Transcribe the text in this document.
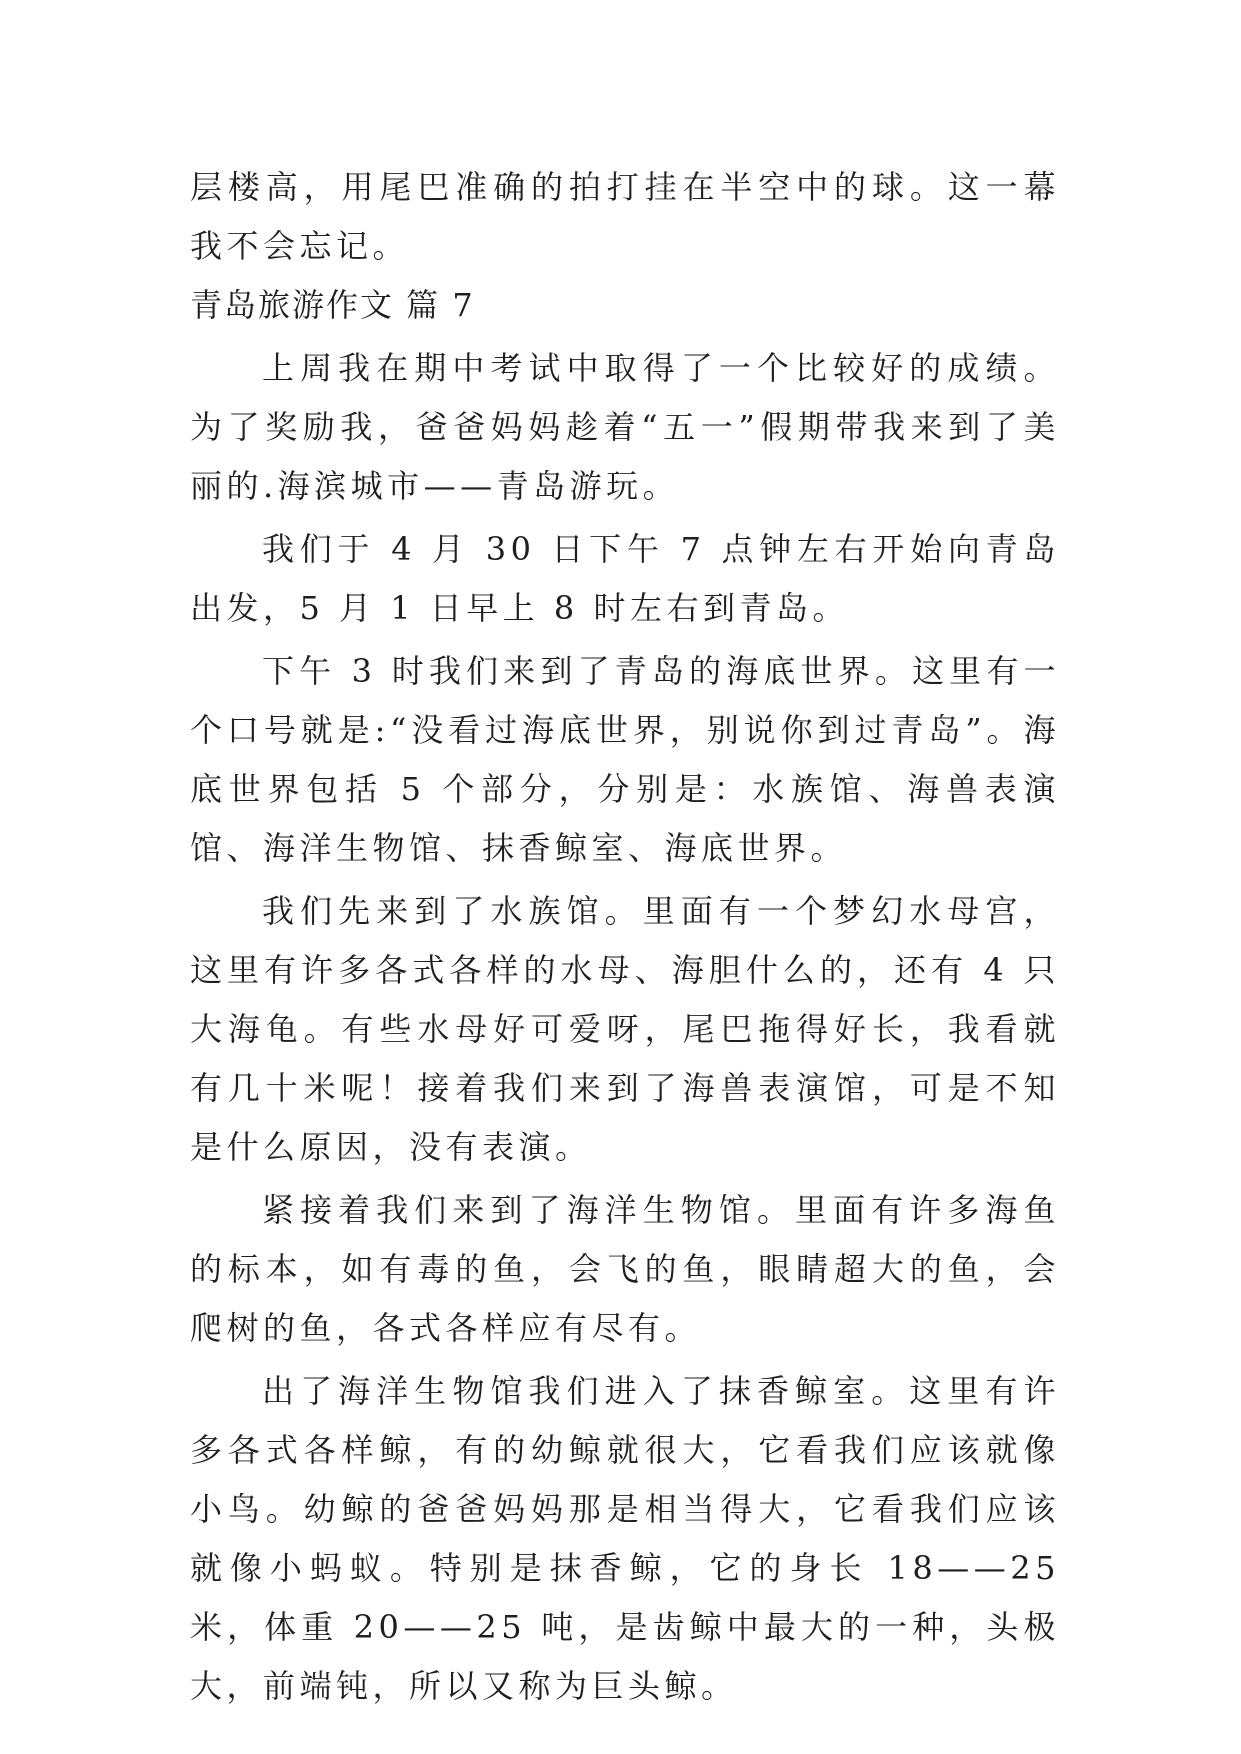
层楼高，用尾巴准确的拍打挂在半空中的球。这一幕我不会忘记。

青岛旅游作文 篇 7

上周我在期中考试中取得了一个比较好的成绩。为了奖励我，爸爸妈妈趁着“五一”假期带我来到了美丽的.海滨城市——青岛游玩。

我们于 4 月 30 日下午 7 点钟左右开始向青岛出发，5 月 1 日早上 8 时左右到青岛。

下午 3 时我们来到了青岛的海底世界。这里有一个口号就是:“没看过海底世界，别说你到过青岛”。海底世界包括 5 个部分，分别是：水族馆、海兽表演馆、海洋生物馆、抹香鲸室、海底世界。

我们先来到了水族馆。里面有一个梦幻水母宫，这里有许多各式各样的水母、海胆什么的，还有 4 只大海龟。有些水母好可爱呀，尾巴拖得好长，我看就有几十米呢！接着我们来到了海兽表演馆，可是不知是什么原因，没有表演。

紧接着我们来到了海洋生物馆。里面有许多海鱼的标本，如有毒的鱼，会飞的鱼，眼睛超大的鱼，会爬树的鱼，各式各样应有尽有。

出了海洋生物馆我们进入了抹香鲸室。这里有许多各式各样鲸，有的幼鲸就很大，它看我们应该就像小鸟。幼鲸的爸爸妈妈那是相当得大，它看我们应该就像小蚂蚁。特别是抹香鲸，它的身长 18——25 米，体重 20——25 吨，是齿鲸中最大的一种，头极大，前端钝，所以又称为巨头鲸。
